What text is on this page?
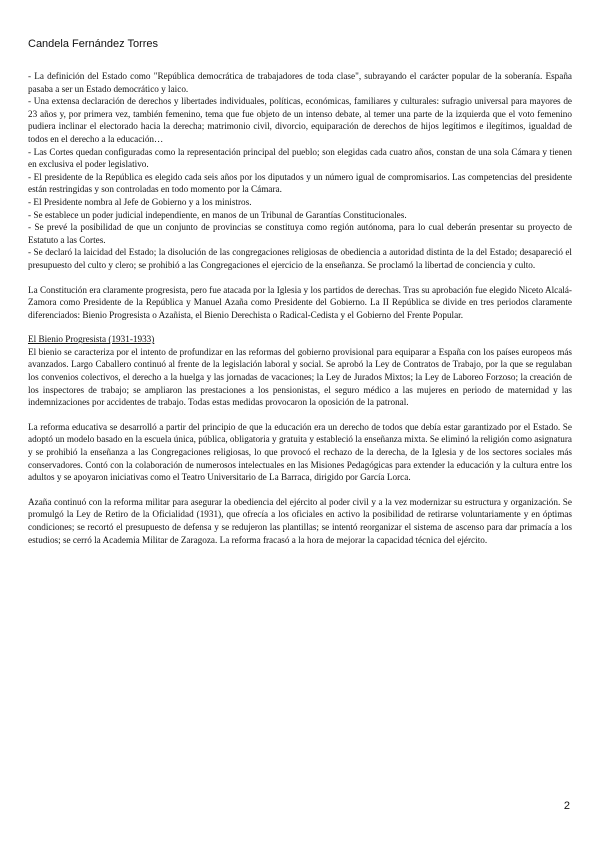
Candela Fernández Torres

- La definición del Estado como "República democrática de trabajadores de toda clase", subrayando el carácter popular de la soberanía. España pasaba a ser un Estado democrático y laico.

- Una extensa declaración de derechos y libertades individuales, políticas, económicas, familiares y culturales: sufragio universal para mayores de 23 años y, por primera vez, también femenino, tema que fue objeto de un intenso debate, al temer una parte de la izquierda que el voto femenino pudiera inclinar el electorado hacia la derecha; matrimonio civil, divorcio, equiparación de derechos de hijos legítimos e ilegítimos, igualdad de todos en el derecho a la educación…

- Las Cortes quedan configuradas como la representación principal del pueblo; son elegidas cada cuatro años, constan de una sola Cámara y tienen en exclusiva el poder legislativo.

- El presidente de la República es elegido cada seis años por los diputados y un número igual de compromisarios. Las competencias del presidente están restringidas y son controladas en todo momento por la Cámara.

- El Presidente nombra al Jefe de Gobierno y a los ministros.

- Se establece un poder judicial independiente, en manos de un Tribunal de Garantías Constitucionales.

- Se prevé la posibilidad de que un conjunto de provincias se constituya como región autónoma, para lo cual deberán presentar su proyecto de Estatuto a las Cortes.

- Se declaró la laicidad del Estado; la disolución de las congregaciones religiosas de obediencia a autoridad distinta de la del Estado; desapareció el presupuesto del culto y clero; se prohibió a las Congregaciones el ejercicio de la enseñanza. Se proclamó la libertad de conciencia y culto.

La Constitución era claramente progresista, pero fue atacada por la Iglesia y los partidos de derechas. Tras su aprobación fue elegido Niceto Alcalá-Zamora como Presidente de la República y Manuel Azaña como Presidente del Gobierno. La II República se divide en tres periodos claramente diferenciados: Bienio Progresista o Azañista, el Bienio Derechista o Radical-Cedista y el Gobierno del Frente Popular.

El Bienio Progresista (1931-1933)

El bienio se caracteriza por el intento de profundizar en las reformas del gobierno provisional para equiparar a España con los países europeos más avanzados. Largo Caballero continuó al frente de la legislación laboral y social. Se aprobó la Ley de Contratos de Trabajo, por la que se regulaban los convenios colectivos, el derecho a la huelga y las jornadas de vacaciones; la Ley de Jurados Mixtos; la Ley de Laboreo Forzoso; la creación de los inspectores de trabajo; se ampliaron las prestaciones a los pensionistas, el seguro médico a las mujeres en periodo de maternidad y las indemnizaciones por accidentes de trabajo. Todas estas medidas provocaron la oposición de la patronal.

La reforma educativa se desarrolló a partir del principio de que la educación era un derecho de todos que debía estar garantizado por el Estado. Se adoptó un modelo basado en la escuela única, pública, obligatoria y gratuita y estableció la enseñanza mixta. Se eliminó la religión como asignatura y se prohibió la enseñanza a las Congregaciones religiosas, lo que provocó el rechazo de la derecha, de la Iglesia y de los sectores sociales más conservadores. Contó con la colaboración de numerosos intelectuales en las Misiones Pedagógicas para extender la educación y la cultura entre los adultos y se apoyaron iniciativas como el Teatro Universitario de La Barraca, dirigido por García Lorca.

Azaña continuó con la reforma militar para asegurar la obediencia del ejército al poder civil y a la vez modernizar su estructura y organización. Se promulgó la Ley de Retiro de la Oficialidad (1931), que ofrecía a los oficiales en activo la posibilidad de retirarse voluntariamente y en óptimas condiciones; se recortó el presupuesto de defensa y se redujeron las plantillas; se intentó reorganizar el sistema de ascenso para dar primacía a los estudios; se cerró la Academia Militar de Zaragoza. La reforma fracasó a la hora de mejorar la capacidad técnica del ejército.

2
